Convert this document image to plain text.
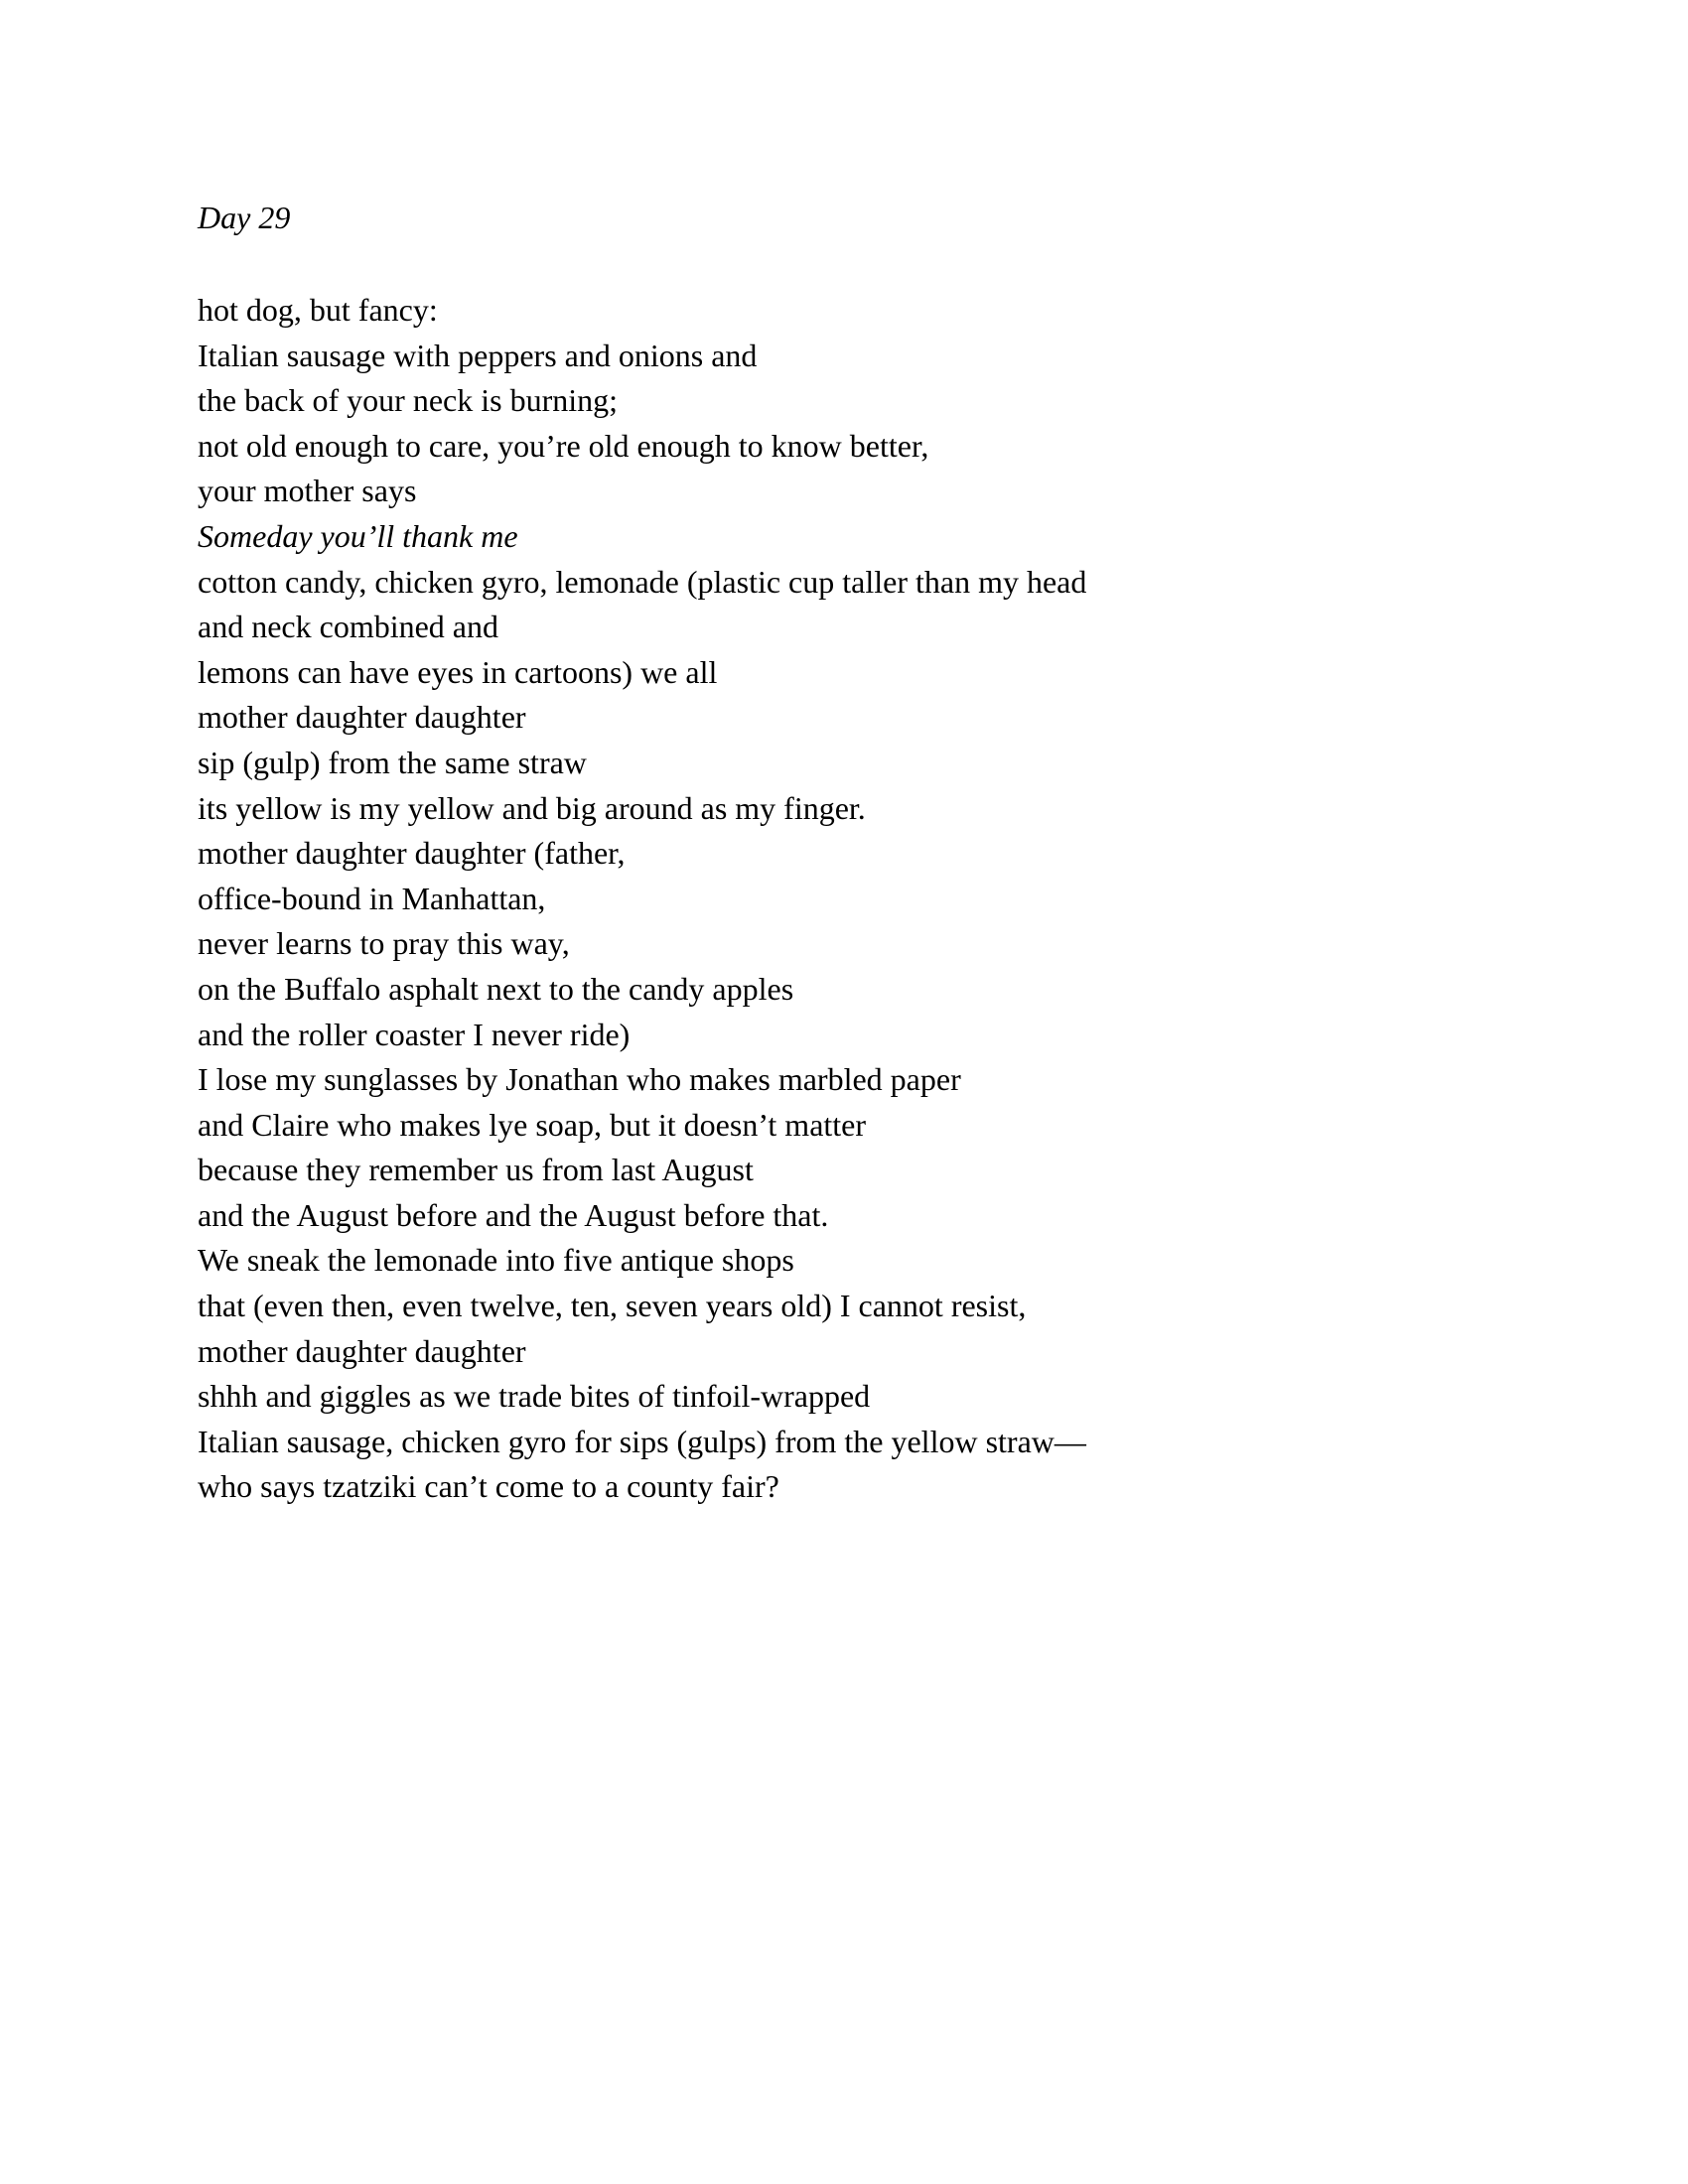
Day 29
hot dog, but fancy:
Italian sausage with peppers and onions and
the back of your neck is burning;
not old enough to care, you’re old enough to know better,
your mother says
Someday you’ll thank me
cotton candy, chicken gyro, lemonade (plastic cup taller than my head
and neck combined and
lemons can have eyes in cartoons) we all
mother daughter daughter
sip (gulp) from the same straw
its yellow is my yellow and big around as my finger.
mother daughter daughter (father,
office-bound in Manhattan,
never learns to pray this way,
on the Buffalo asphalt next to the candy apples
and the roller coaster I never ride)
I lose my sunglasses by Jonathan who makes marbled paper
and Claire who makes lye soap, but it doesn’t matter
because they remember us from last August
and the August before and the August before that.
We sneak the lemonade into five antique shops
that (even then, even twelve, ten, seven years old) I cannot resist,
mother daughter daughter
shhh and giggles as we trade bites of tinfoil-wrapped
Italian sausage, chicken gyro for sips (gulps) from the yellow straw—
who says tzatziki can’t come to a county fair?
